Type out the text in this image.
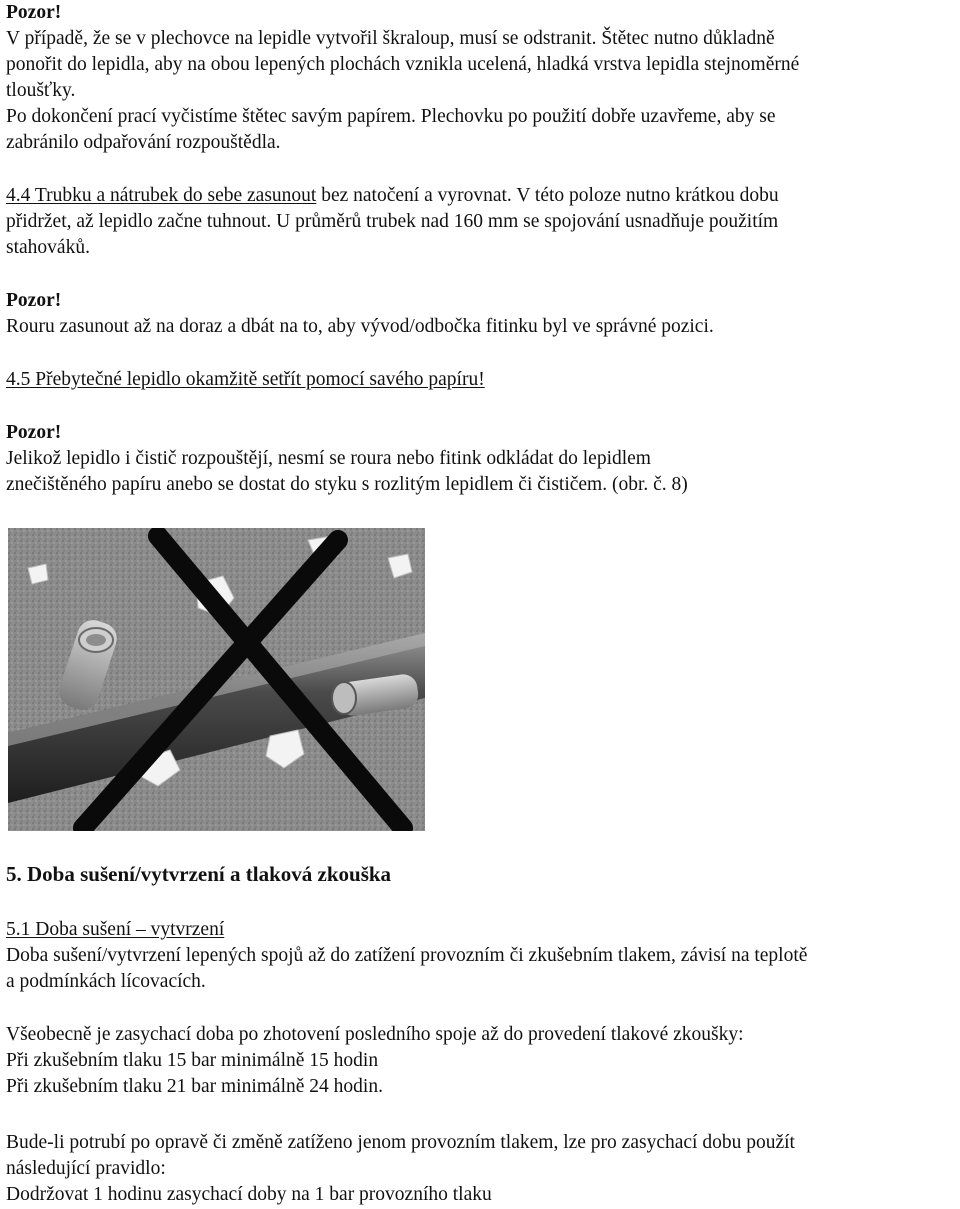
Pozor!
V případě, že se v plechovce na lepidle vytvořil škraloup, musí se odstranit. Štětec nutno důkladně
ponořit do lepidla, aby na obou lepených plochách vznikla ucelená, hladká vrstva lepidla stejnoměrné
tloušťky.
Po dokončení prací vyčistíme štětec savým papírem. Plechovku po použití dobře uzavřeme, aby se
zabránilo odpařování rozpouštědla.
4.4 Trubku a nátrubek do sebe zasunout bez natočení a vyrovnat. V této poloze nutno krátkou dobu
přidržet, až lepidlo začne tuhnout. U průměrů trubek nad 160 mm se spojování usnadňuje použitím
stahováků.
Pozor!
Rouru zasunout až na doraz a dbát na to, aby vývod/odbočka fitinku byl ve správné pozici.
4.5 Přebytečné lepidlo okamžitě setřít pomocí savého papíru!
Pozor!
Jelikož lepidlo i čistič rozpouštějí, nesmí se roura nebo fitink odkládat do lepidlem
znečištěného papíru anebo se dostat do styku s rozlitým lepidlem či čističem. (obr. č. 8)
5. Doba sušení/vytvrzení a tlaková zkouška
5.1 Doba sušení – vytvrzení
Doba sušení/vytvrzení lepených spojů až do zatížení provozním či zkušebním tlakem, závisí na teplotě
a podmínkách lícovacích.
Všeobecně je zasychací doba po zhotovení posledního spoje až do provedení tlakové zkoušky:
Při zkušebním tlaku 15 bar minimálně 15 hodin
Při zkušebním tlaku 21 bar minimálně 24 hodin.
Bude-li potrubí po opravě či změně zatíženo jenom provozním tlakem, lze pro zasychací dobu použít
následující pravidlo:
Dodržovat 1 hodinu zasychací doby na 1 bar provozního tlaku
